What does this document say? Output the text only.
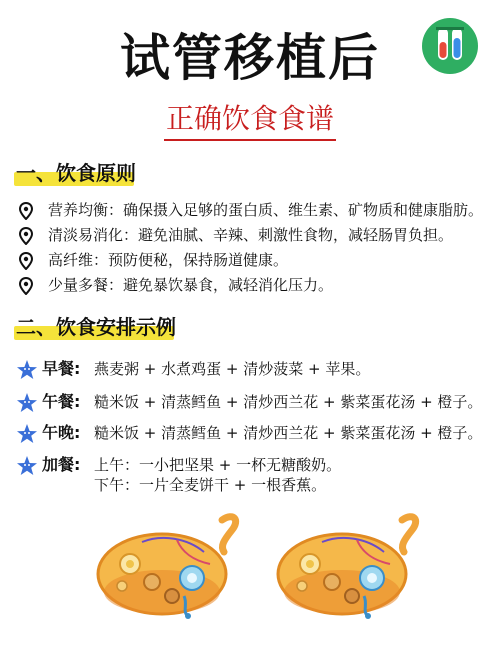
试管移植后
正确饮食食谱
一、饮食原则
营养均衡：确保摄入足够的蛋白质、维生素、矿物质和健康脂肪。
清淡易消化：避免油腻、辛辣、刺激性食物，减轻肠胃负担。
高纤维：预防便秘，保持肠道健康。
少量多餐：避免暴饮暴食，减轻消化压力。
二、饮食安排示例
早餐: 燕麦粥 + 水煮鸡蛋 + 清炒菠菜 + 苹果。
午餐: 糙米饭 + 清蒸鳕鱼 + 清炒西兰花 + 紫菜蛋花汤 + 橙子。
午晚: 糙米饭 + 清蒸鳕鱼 + 清炒西兰花 + 紫菜蛋花汤 + 橙子。
加餐: 上午：一小把坚果 + 一杯无糖酸奶。
下午：一片全麦饼干 + 一根香蕉。
